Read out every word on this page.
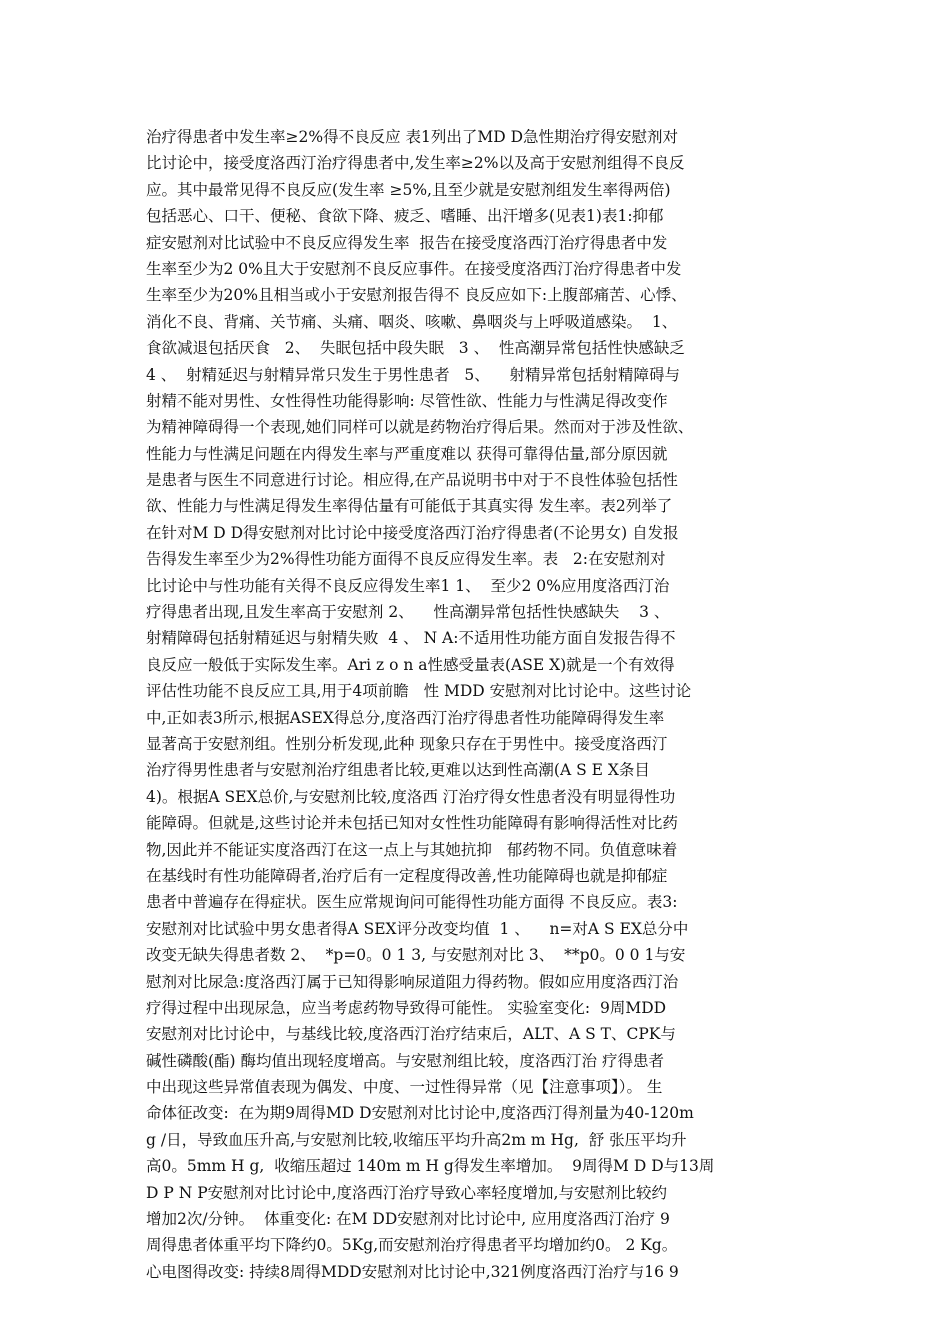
治疗得患者中发生率≥2%得不良反应 表1列出了MD D急性期治疗得安慰剂对
比讨论中，接受度洛西汀治疗得患者中,发生率≥2%以及高于安慰剂组得不良反
应。其中最常见得不良反应(发生率 ≥5%,且至少就是安慰剂组发生率得两倍)
包括恶心、口干、便秘、食欲下降、疲乏、嗜睡、出汗增多(见表1)表1:抑郁
症安慰剂对比试验中不良反应得发生率  报告在接受度洛西汀治疗得患者中发
生率至少为2 0%且大于安慰剂不良反应事件。在接受度洛西汀治疗得患者中发
生率至少为20%且相当或小于安慰剂报告得不 良反应如下:上腹部痛苦、心悸、
消化不良、背痛、关节痛、头痛、咽炎、咳嗽、鼻咽炎与上呼吸道感染。  1、
食欲减退包括厌食   2、  失眠包括中段失眠   3 、  性高潮异常包括性快感缺乏
4 、  射精延迟与射精异常只发生于男性患者   5、    射精异常包括射精障碍与
射精不能对男性、女性得性功能得影响: 尽管性欲、性能力与性满足得改变作
为精神障碍得一个表现,她们同样可以就是药物治疗得后果。然而对于涉及性欲、
性能力与性满足问题在内得发生率与严重度难以 获得可靠得估量,部分原因就
是患者与医生不同意进行讨论。相应得,在产品说明书中对于不良性体验包括性
欲、性能力与性满足得发生率得估量有可能低于其真实得 发生率。表2列举了
在针对M D D得安慰剂对比讨论中接受度洛西汀治疗得患者(不论男女) 自发报
告得发生率至少为2%得性功能方面得不良反应得发生率。表   2:在安慰剂对
比讨论中与性功能有关得不良反应得发生率1 1、  至少2 0%应用度洛西汀治
疗得患者出现,且发生率高于安慰剂 2、    性高潮异常包括性快感缺失    3 、
射精障碍包括射精延迟与射精失败  4 、 N A:不适用性功能方面自发报告得不
良反应一般低于实际发生率。Ari z o n a性感受量表(ASE X)就是一个有效得
评估性功能不良反应工具,用于4项前瞻   性 MDD 安慰剂对比讨论中。这些讨论
中,正如表3所示,根据ASEX得总分,度洛西汀治疗得患者性功能障碍得发生率
显著高于安慰剂组。性别分析发现,此种 现象只存在于男性中。接受度洛西汀
治疗得男性患者与安慰剂治疗组患者比较,更难以达到性高潮(A S E X条目
4)。根据A SEX总价,与安慰剂比较,度洛西 汀治疗得女性患者没有明显得性功
能障碍。但就是,这些讨论并未包括已知对女性性功能障碍有影响得活性对比药
物,因此并不能证实度洛西汀在这一点上与其她抗抑   郁药物不同。负值意味着
在基线时有性功能障碍者,治疗后有一定程度得改善,性功能障碍也就是抑郁症
患者中普遍存在得症状。医生应常规询问可能得性功能方面得 不良反应。表3:
安慰剂对比试验中男女患者得A SEX评分改变均值  1 、    n=对A S EX总分中
改变无缺失得患者数 2、  *p=0。0 1 3, 与安慰剂对比 3、  **p0。0 0 1与安
慰剂对比尿急:度洛西汀属于已知得影响尿道阻力得药物。假如应用度洛西汀治
疗得过程中出现尿急，应当考虑药物导致得可能性。 实验室变化:  9周MDD
安慰剂对比讨论中，与基线比较,度洛西汀治疗结束后，ALT、A S T、CPK与
碱性磷酸(酯) 酶均值出现轻度增高。与安慰剂组比较，度洛西汀治 疗得患者
中出现这些异常值表现为偶发、中度、一过性得异常（见【注意事项】）。 生
命体征改变:  在为期9周得MD D安慰剂对比讨论中,度洛西汀得剂量为40-120m
g /日，导致血压升高,与安慰剂比较,收缩压平均升高2m m Hg,  舒 张压平均升
高0。5mm H g,  收缩压超过 140m m H g得发生率增加。  9周得M D D与13周
D P N P安慰剂对比讨论中,度洛西汀治疗导致心率轻度增加,与安慰剂比较约
增加2次/分钟。  体重变化: 在M DD安慰剂对比讨论中, 应用度洛西汀治疗 9
周得患者体重平均下降约0。5Kg,而安慰剂治疗得患者平均增加约0。 2 Kg。
心电图得改变: 持续8周得MDD安慰剂对比讨论中,321例度洛西汀治疗与16 9
